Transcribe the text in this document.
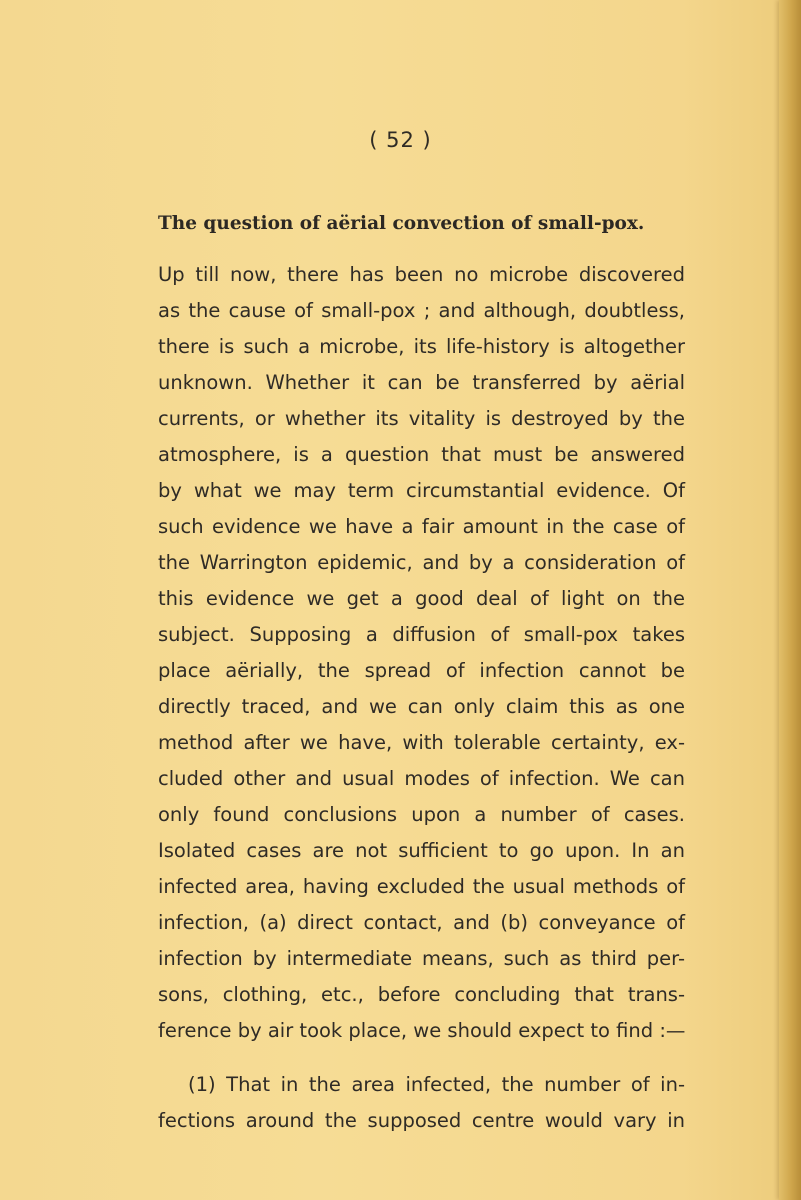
( 52 )
The question of aërial convection of small-pox.
Up till now, there has been no microbe discovered
as the cause of small-pox ; and although, doubtless,
there is such a microbe, its life-history is altogether
unknown. Whether it can be transferred by aërial
currents, or whether its vitality is destroyed by the
atmosphere, is a question that must be answered
by what we may term circumstantial evidence. Of
such evidence we have a fair amount in the case of
the Warrington epidemic, and by a consideration of
this evidence we get a good deal of light on the
subject. Supposing a diffusion of small-pox takes
place aërially, the spread of infection cannot be
directly traced, and we can only claim this as one
method after we have, with tolerable certainty, ex-
cluded other and usual modes of infection. We can
only found conclusions upon a number of cases.
Isolated cases are not sufficient to go upon. In an
infected area, having excluded the usual methods of
infection, (a) direct contact, and (b) conveyance of
infection by intermediate means, such as third per-
sons, clothing, etc., before concluding that trans-
ference by air took place, we should expect to find :—
(1) That in the area infected, the number of in-
fections around the supposed centre would vary in
